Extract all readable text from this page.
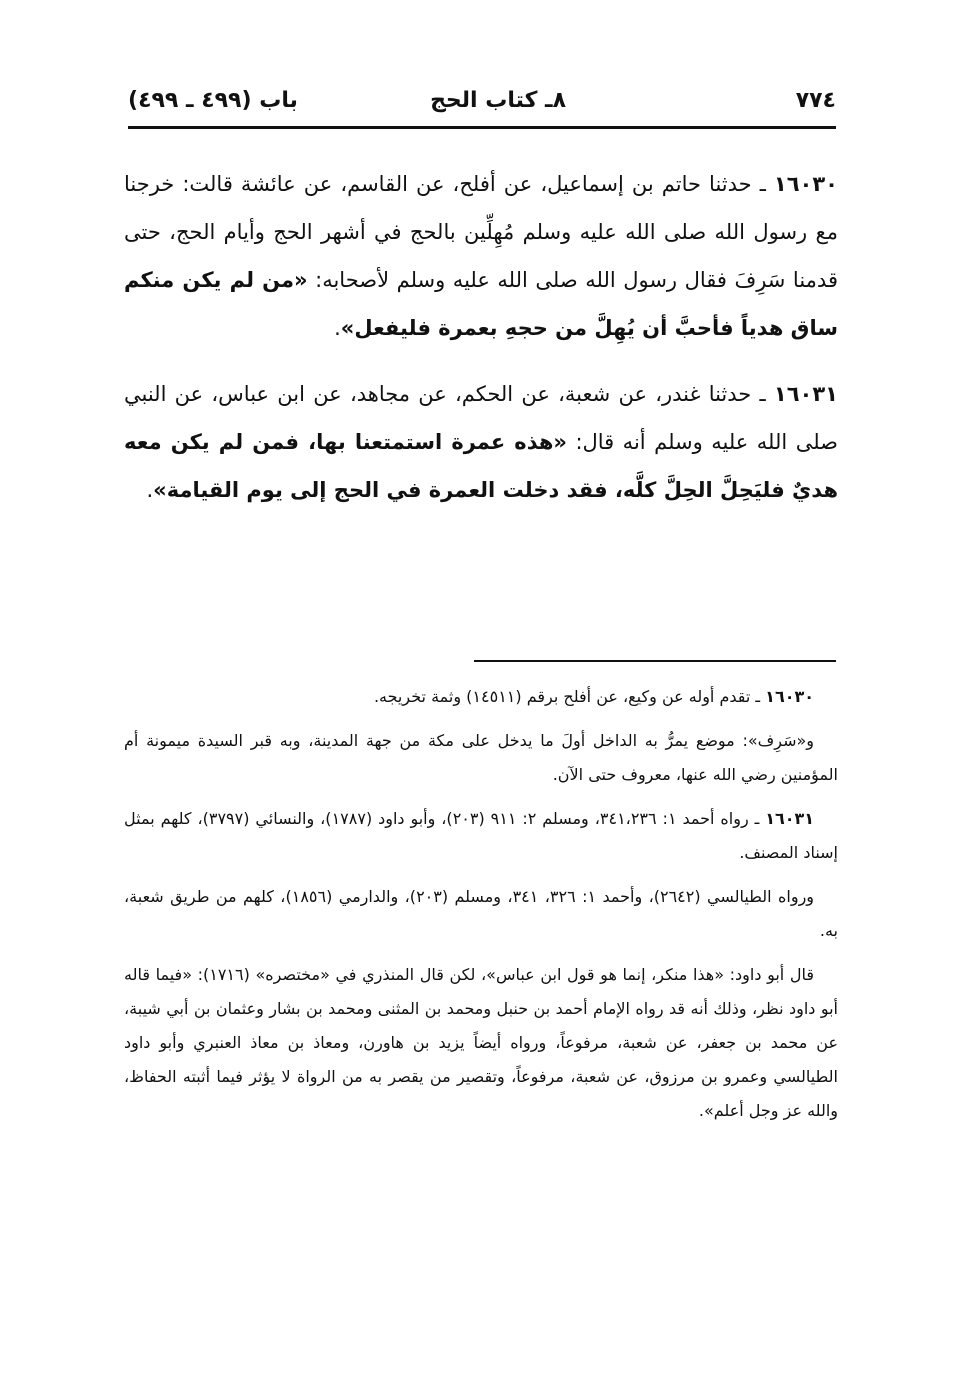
٧٧٤
٨ـ كتاب الحج
باب (٤٩٩ ـ ٤٩٩)

١٦٠٣٠ ـ حدثنا حاتم بن إسماعيل، عن أفلح، عن القاسم، عن عائشة قالت: خرجنا مع رسول الله صلى الله عليه وسلم مُهِلِّين بالحج في أشهر الحج وأيام الحج، حتى قدمنا سَرِفَ فقال رسول الله صلى الله عليه وسلم لأصحابه: «من لم يكن منكم ساق هدياً فأحبَّ أن يُهِلَّ من حجهِ بعمرة فليفعل».

١٦٠٣١ ـ حدثنا غندر، عن شعبة، عن الحكم، عن مجاهد، عن ابن عباس، عن النبي صلى الله عليه وسلم أنه قال: «هذه عمرة استمتعنا بها، فمن لم يكن معه هديٌ فليَحِلَّ الحِلَّ كلَّه، فقد دخلت العمرة في الحج إلى يوم القيامة».

١٦٠٣٠ ـ تقدم أوله عن وكيع، عن أفلح برقم (١٤٥١١) وثمة تخريجه.

و«سَرِف»: موضع يمرُّ به الداخل أولَ ما يدخل على مكة من جهة المدينة، وبه قبر السيدة ميمونة أم المؤمنين رضي الله عنها، معروف حتى الآن.

١٦٠٣١ ـ رواه أحمد ١: ٣٤١،٢٣٦، ومسلم ٢: ٩١١ (٢٠٣)، وأبو داود (١٧٨٧)، والنسائي (٣٧٩٧)، كلهم بمثل إسناد المصنف.

ورواه الطيالسي (٢٦٤٢)، وأحمد ١: ٣٢٦، ٣٤١، ومسلم (٢٠٣)، والدارمي (١٨٥٦)، كلهم من طريق شعبة، به.

قال أبو داود: «هذا منكر، إنما هو قول ابن عباس»، لكن قال المنذري في «مختصره» (١٧١٦): «فيما قاله أبو داود نظر، وذلك أنه قد رواه الإمام أحمد بن حنبل ومحمد بن المثنى ومحمد بن بشار وعثمان بن أبي شيبة، عن محمد بن جعفر، عن شعبة، مرفوعاً، ورواه أيضاً يزيد بن هاورن، ومعاذ بن معاذ العنبري وأبو داود الطيالسي وعمرو بن مرزوق، عن شعبة، مرفوعاً، وتقصير من يقصر به من الرواة لا يؤثر فيما أثبته الحفاظ، والله عز وجل أعلم».
